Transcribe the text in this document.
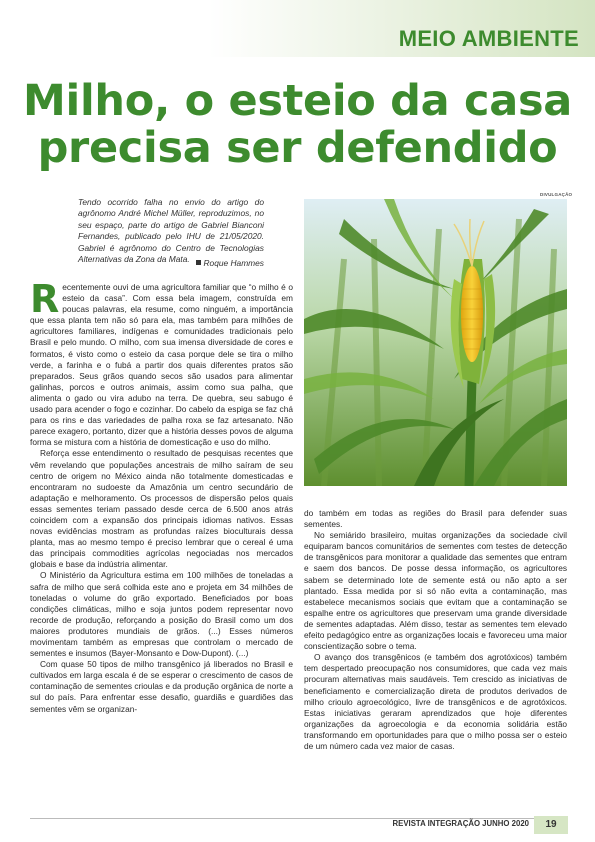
MEIO AMBIENTE
Milho, o esteio da casa
precisa ser defendido

Tendo ocorrido falha no envio do artigo do agrônomo André Michel Müller, reproduzimos, no seu espaço, parte do artigo de Gabriel Bianconi Fernandes, publicado pelo IHU de 21/05/2020. Gabriel é agrônomo do Centro de Tecnologias Alternativas da Zona da Mata.	Roque Hammes
DIVULGAÇÃO

Recentemente ouvi de uma agricultora familiar que “o milho é o esteio da casa”. Com essa bela imagem, construída em poucas palavras, ela resume, como ninguém, a importância que essa planta tem não só para ela, mas também para milhões de agricultores familiares, indígenas e comunidades tradicionais pelo Brasil e pelo mundo. O milho, com sua imensa diversidade de cores e formatos, é visto como o esteio da casa porque dele se tira o milho verde, a farinha e o fubá a partir dos quais diferentes pratos são preparados. Seus grãos quando secos são usados para alimentar galinhas, porcos e outros animais, assim como sua palha, que alimenta o gado ou vira adubo na terra. De quebra, seu sabugo é usado para acender o fogo e cozinhar. Do cabelo da espiga se faz chá para os rins e das variedades de palha roxa se faz artesanato. Não parece exagero, portanto, dizer que a história desses povos de alguma forma se mistura com a história de domesticação e uso do milho.

Reforça esse entendimento o resultado de pesquisas recentes que vêm revelando que populações ancestrais de milho saíram de seu centro de origem no México ainda não totalmente domesticadas e encontraram no sudoeste da Amazônia um centro secundário de adaptação e melhoramento. Os processos de dispersão pelos quais essas sementes teriam passado desde cerca de 6.500 anos atrás coincidem com a expansão dos principais idiomas nativos. Essas novas evidências mostram as profundas raízes bioculturais dessa planta, mas ao mesmo tempo é preciso lembrar que o cereal é uma das principais commodities agrícolas negociadas nos mercados globais e base da indústria alimentar.

O Ministério da Agricultura estima em 100 milhões de toneladas a safra de milho que será colhida este ano e projeta em 34 milhões de toneladas o volume do grão exportado. Beneficiados por boas condições climáticas, milho e soja juntos podem representar novo recorde de produção, reforçando a posição do Brasil como um dos maiores produtores mundiais de grãos. (...) Esses números movimentam também as empresas que controlam o mercado de sementes e insumos (Bayer-Monsanto e Dow-Dupont). (...)

Com quase 50 tipos de milho transgênico já liberados no Brasil e cultivados em larga escala é de se esperar o crescimento de casos de contaminação de sementes crioulas e da produção orgânica de norte a sul do país. Para enfrentar esse desafio, guardiãs e guardiões das sementes vêm se organizan-

do também em todas as regiões do Brasil para defender suas sementes.

No semiárido brasileiro, muitas organizações da sociedade civil equiparam bancos comunitários de sementes com testes de detecção de transgênicos para monitorar a qualidade das sementes que entram e saem dos bancos. De posse dessa informação, os agricultores sabem se determinado lote de semente está ou não apto a ser plantado. Essa medida por si só não evita a contaminação, mas estabelece mecanismos sociais que evitam que a contaminação se espalhe entre os agricultores que preservam uma grande diversidade de sementes adaptadas. Além disso, testar as sementes tem elevado efeito pedagógico entre as organizações locais e favoreceu uma maior conscientização sobre o tema.

O avanço dos transgênicos (e também dos agrotóxicos) também tem despertado preocupação nos consumidores, que cada vez mais procuram alternativas mais saudáveis. Tem crescido as iniciativas de beneficiamento e comercialização direta de produtos derivados de milho crioulo agroecológico, livre de transgênicos e de agrotóxicos. Estas iniciativas geraram aprendizados que hoje diferentes organizações da agroecologia e da economia solidária estão transformando em oportunidades para que o milho possa ser o esteio de um número cada vez maior de casas.

REVISTA INTEGRAÇÃO JUNHO 2020	19
